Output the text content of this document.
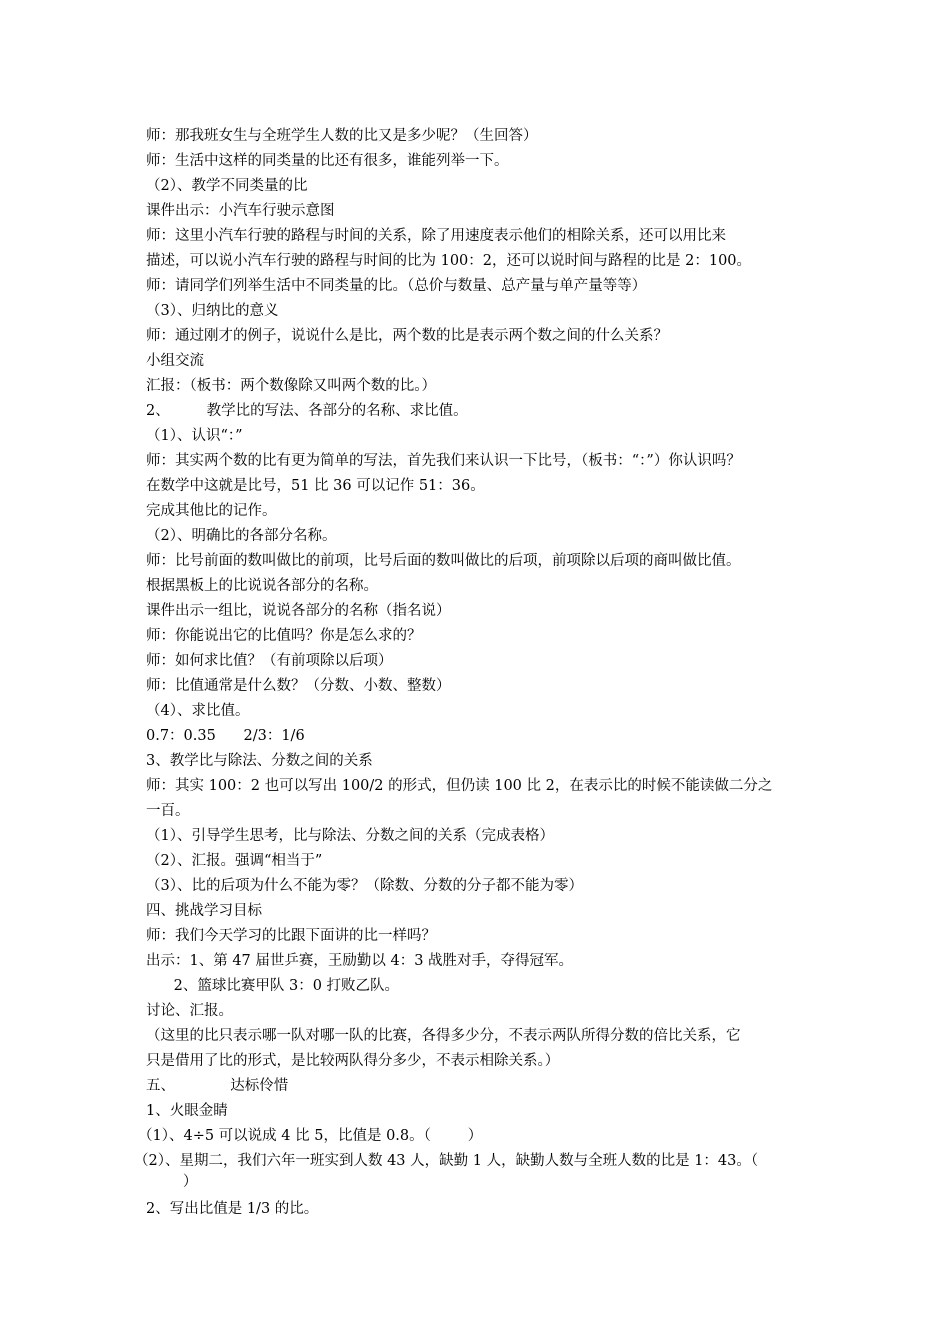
师：那我班女生与全班学生人数的比又是多少呢？（生回答）
师：生活中这样的同类量的比还有很多，谁能列举一下。
（2）、教学不同类量的比
课件出示：小汽车行驶示意图
师：这里小汽车行驶的路程与时间的关系，除了用速度表示他们的相除关系，还可以用比来
描述，可以说小汽车行驶的路程与时间的比为 100：2，还可以说时间与路程的比是 2：100。
师：请同学们列举生活中不同类量的比。（总价与数量、总产量与单产量等等）
（3）、归纳比的意义
师：通过刚才的例子，说说什么是比，两个数的比是表示两个数之间的什么关系？
小组交流
汇报：（板书：两个数像除又叫两个数的比。）
2、        教学比的写法、各部分的名称、求比值。
（1）、认识“：”
师：其实两个数的比有更为简单的写法，首先我们来认识一下比号，（板书：“：”）你认识吗？
在数学中这就是比号，51 比 36 可以记作 51：36。
完成其他比的记作。
（2）、明确比的各部分名称。
师：比号前面的数叫做比的前项，比号后面的数叫做比的后项，前项除以后项的商叫做比值。
根据黑板上的比说说各部分的名称。
课件出示一组比，说说各部分的名称（指名说）
师：你能说出它的比值吗？你是怎么求的？
师：如何求比值？（有前项除以后项）
师：比值通常是什么数？（分数、小数、整数）
（4）、求比值。
0.7：0.35      2/3：1/6
3、教学比与除法、分数之间的关系
师：其实 100：2 也可以写出 100/2 的形式，但仍读 100 比 2，在表示比的时候不能读做二分之
一百。
（1）、引导学生思考，比与除法、分数之间的关系（完成表格）
（2）、汇报。强调“相当于”
（3）、比的后项为什么不能为零？（除数、分数的分子都不能为零）
四、挑战学习目标
师：我们今天学习的比跟下面讲的比一样吗？
出示：1、第 47 届世乒赛，王励勤以 4：3 战胜对手，夺得冠军。
2、篮球比赛甲队 3：0 打败乙队。
讨论、汇报。
（这里的比只表示哪一队对哪一队的比赛，各得多少分，不表示两队所得分数的倍比关系，它
只是借用了比的形式，是比较两队得分多少，不表示相除关系。）
五、            达标伶惜
1、火眼金睛
（1）、4÷5 可以说成 4 比 5，比值是 0.8。（        ）
（2）、星期二，我们六年一班实到人数 43 人，缺勤 1 人，缺勤人数与全班人数的比是 1：43。（
）
2、写出比值是 1/3 的比。
